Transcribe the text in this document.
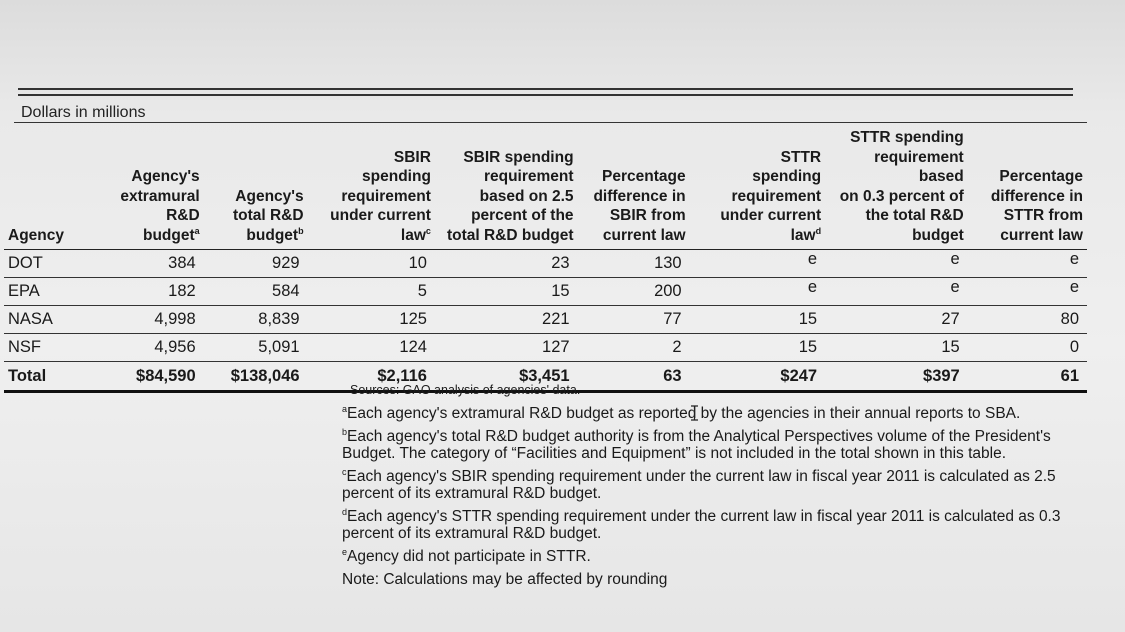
Dollars in millions
Agency	Agency's
extramural
R&D
budget$^a$	Agency's
total R&D
budget$^b$	SBIR
spending
requirement
under current
law$^c$	SBIR spending
requirement
based on 2.5
percent of the
total R&D budget	Percentage
difference in
SBIR from
current law	STTR
spending
requirement
under current
law$^d$	STTR spending
requirement based
on 0.3 percent of
the total R&D
budget	Percentage
difference in
STTR from
current law
DOT	384	929	10	23	130	e	e	e
EPA	182	584	5	15	200	e	e	e
NASA	4,998	8,839	125	221	77	15	27	80
NSF	4,956	5,091	124	127	2	15	15	0
Total	$84,590	$138,046	$2,116	$3,451	63	$247	$397	61
Sources: GAO analysis of agencies' data.

$^a$Each agency's extramural R&D budget as reported by the agencies in their annual reports to SBA.

$^b$Each agency's total R&D budget authority is from the Analytical Perspectives volume of the President's Budget. The category of “Facilities and Equipment” is not included in the total shown in this table.

$^c$Each agency's SBIR spending requirement under the current law in fiscal year 2011 is calculated as 2.5 percent of its extramural R&D budget.

$^d$Each agency's STTR spending requirement under the current law in fiscal year 2011 is calculated as 0.3 percent of its extramural R&D budget.

$^e$Agency did not participate in STTR.

Note: Calculations may be affected by rounding
